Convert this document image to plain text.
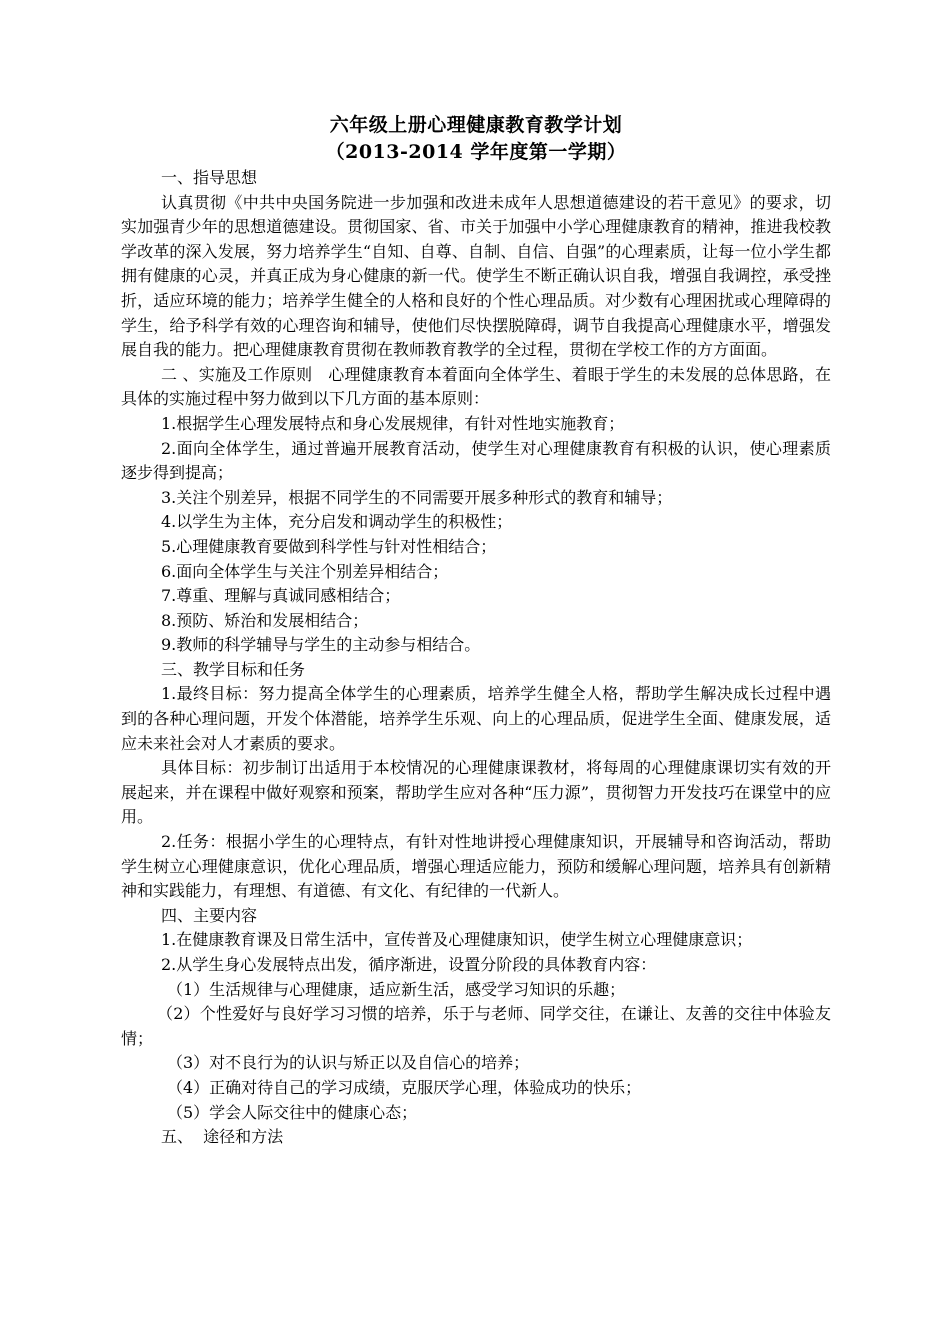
六年级上册心理健康教育教学计划

（2013-2014 学年度第一学期）

一、指导思想

认真贯彻《中共中央国务院进一步加强和改进未成年人思想道德建设的若干意见》的要求，切实加强青少年的思想道德建设。贯彻国家、省、市关于加强中小学心理健康教育的精神，推进我校教学改革的深入发展，努力培养学生“自知、自尊、自制、自信、自强”的心理素质，让每一位小学生都拥有健康的心灵，并真正成为身心健康的新一代。使学生不断正确认识自我，增强自我调控，承受挫折，适应环境的能力；培养学生健全的人格和良好的个性心理品质。对少数有心理困扰或心理障碍的学生，给予科学有效的心理咨询和辅导，使他们尽快摆脱障碍，调节自我提高心理健康水平，增强发展自我的能力。把心理健康教育贯彻在教师教育教学的全过程，贯彻在学校工作的方方面面。

二 、实施及工作原则   心理健康教育本着面向全体学生、着眼于学生的未发展的总体思路，在具体的实施过程中努力做到以下几方面的基本原则：

1.根据学生心理发展特点和身心发展规律，有针对性地实施教育；

2.面向全体学生，通过普遍开展教育活动，使学生对心理健康教育有积极的认识，使心理素质逐步得到提高；

3.关注个别差异，根据不同学生的不同需要开展多种形式的教育和辅导；

4.以学生为主体，充分启发和调动学生的积极性；

5.心理健康教育要做到科学性与针对性相结合；

6.面向全体学生与关注个别差异相结合；

7.尊重、理解与真诚同感相结合；

8.预防、矫治和发展相结合；

9.教师的科学辅导与学生的主动参与相结合。

三、教学目标和任务

1.最终目标：努力提高全体学生的心理素质，培养学生健全人格，帮助学生解决成长过程中遇到的各种心理问题，开发个体潜能，培养学生乐观、向上的心理品质，促进学生全面、健康发展，适应未来社会对人才素质的要求。

具体目标：初步制订出适用于本校情况的心理健康课教材，将每周的心理健康课切实有效的开展起来，并在课程中做好观察和预案，帮助学生应对各种“压力源”，贯彻智力开发技巧在课堂中的应用。

2.任务：根据小学生的心理特点，有针对性地讲授心理健康知识，开展辅导和咨询活动，帮助学生树立心理健康意识，优化心理品质，增强心理适应能力，预防和缓解心理问题，培养具有创新精神和实践能力，有理想、有道德、有文化、有纪律的一代新人。

四、主要内容

1.在健康教育课及日常生活中，宣传普及心理健康知识，使学生树立心理健康意识；

2.从学生身心发展特点出发，循序渐进，设置分阶段的具体教育内容：

（1）生活规律与心理健康，适应新生活，感受学习知识的乐趣；

（2）个性爱好与良好学习习惯的培养，乐于与老师、同学交往，在谦让、友善的交往中体验友情；

（3）对不良行为的认识与矫正以及自信心的培养；

（4）正确对待自己的学习成绩，克服厌学心理，体验成功的快乐；

（5）学会人际交往中的健康心态；

五、  途径和方法
